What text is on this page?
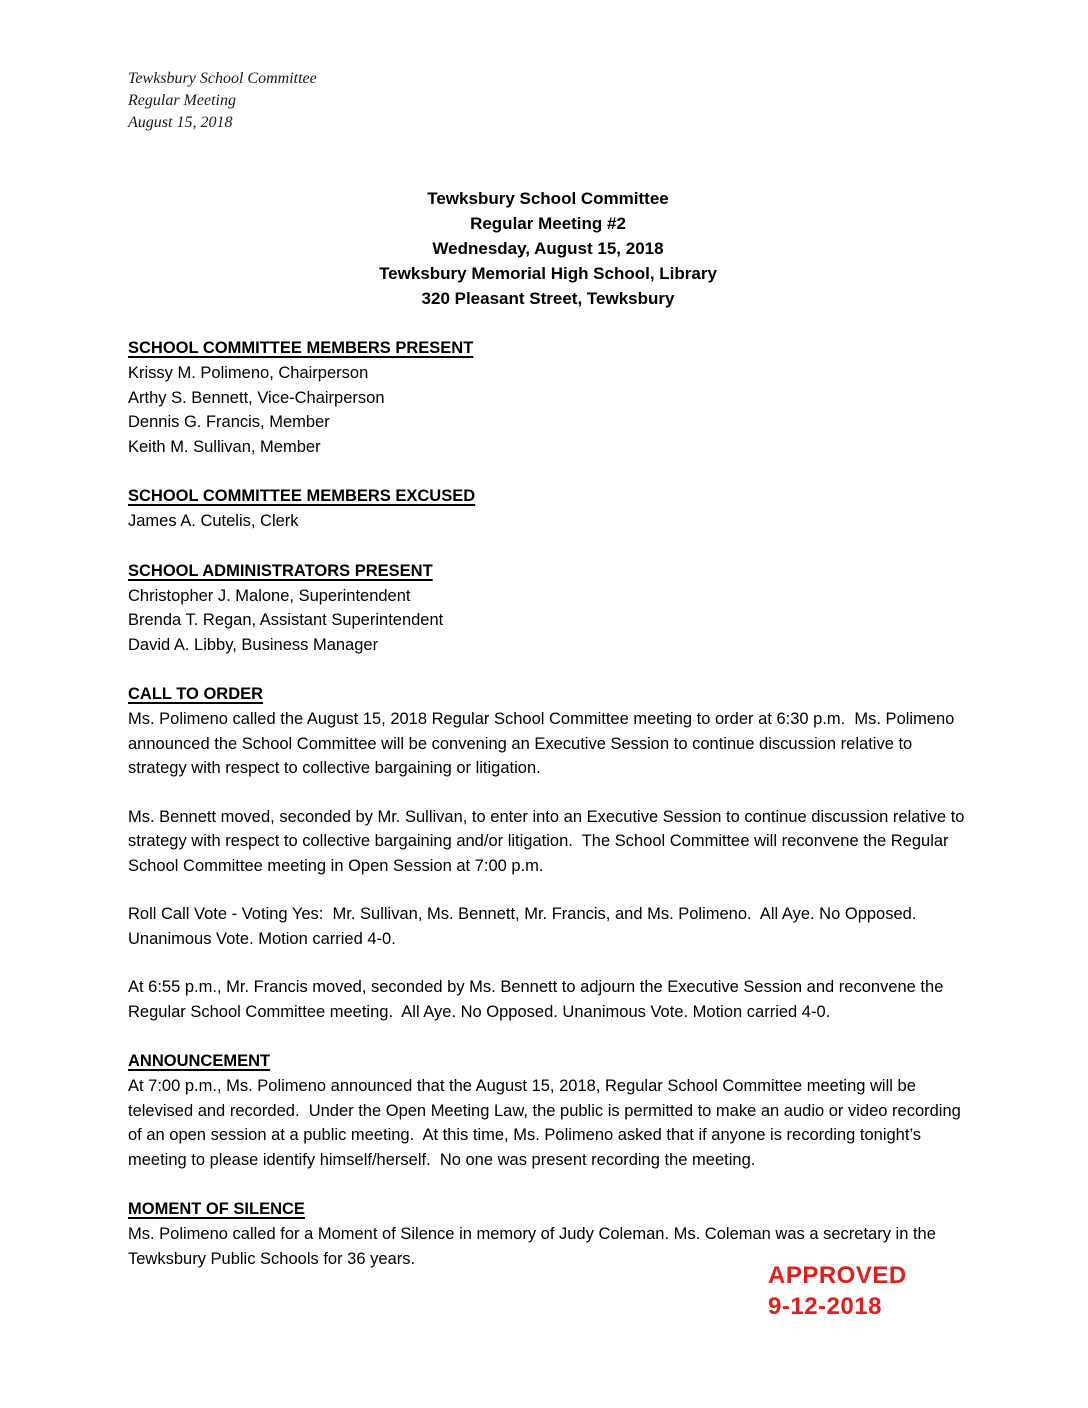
Tewksbury School Committee
Regular Meeting
August 15, 2018
Tewksbury School Committee
Regular Meeting #2
Wednesday, August 15, 2018
Tewksbury Memorial High School, Library
320 Pleasant Street, Tewksbury
SCHOOL COMMITTEE MEMBERS PRESENT
Krissy M. Polimeno, Chairperson
Arthy S. Bennett, Vice-Chairperson
Dennis G. Francis, Member
Keith M. Sullivan, Member
SCHOOL COMMITTEE MEMBERS EXCUSED
James A. Cutelis, Clerk
SCHOOL ADMINISTRATORS PRESENT
Christopher J. Malone, Superintendent
Brenda T. Regan, Assistant Superintendent
David A. Libby, Business Manager
CALL TO ORDER
Ms. Polimeno called the August 15, 2018 Regular School Committee meeting to order at 6:30 p.m.  Ms. Polimeno announced the School Committee will be convening an Executive Session to continue discussion relative to strategy with respect to collective bargaining or litigation.
Ms. Bennett moved, seconded by Mr. Sullivan, to enter into an Executive Session to continue discussion relative to strategy with respect to collective bargaining and/or litigation.  The School Committee will reconvene the Regular School Committee meeting in Open Session at 7:00 p.m.
Roll Call Vote - Voting Yes:  Mr. Sullivan, Ms. Bennett, Mr. Francis, and Ms. Polimeno.  All Aye. No Opposed. Unanimous Vote. Motion carried 4-0.
At 6:55 p.m., Mr. Francis moved, seconded by Ms. Bennett to adjourn the Executive Session and reconvene the Regular School Committee meeting.  All Aye. No Opposed. Unanimous Vote. Motion carried 4-0.
ANNOUNCEMENT
At 7:00 p.m., Ms. Polimeno announced that the August 15, 2018, Regular School Committee meeting will be televised and recorded.  Under the Open Meeting Law, the public is permitted to make an audio or video recording of an open session at a public meeting.  At this time, Ms. Polimeno asked that if anyone is recording tonight’s meeting to please identify himself/herself.  No one was present recording the meeting.
MOMENT OF SILENCE
Ms. Polimeno called for a Moment of Silence in memory of Judy Coleman. Ms. Coleman was a secretary in the Tewksbury Public Schools for 36 years.
APPROVED
9-12-2018
